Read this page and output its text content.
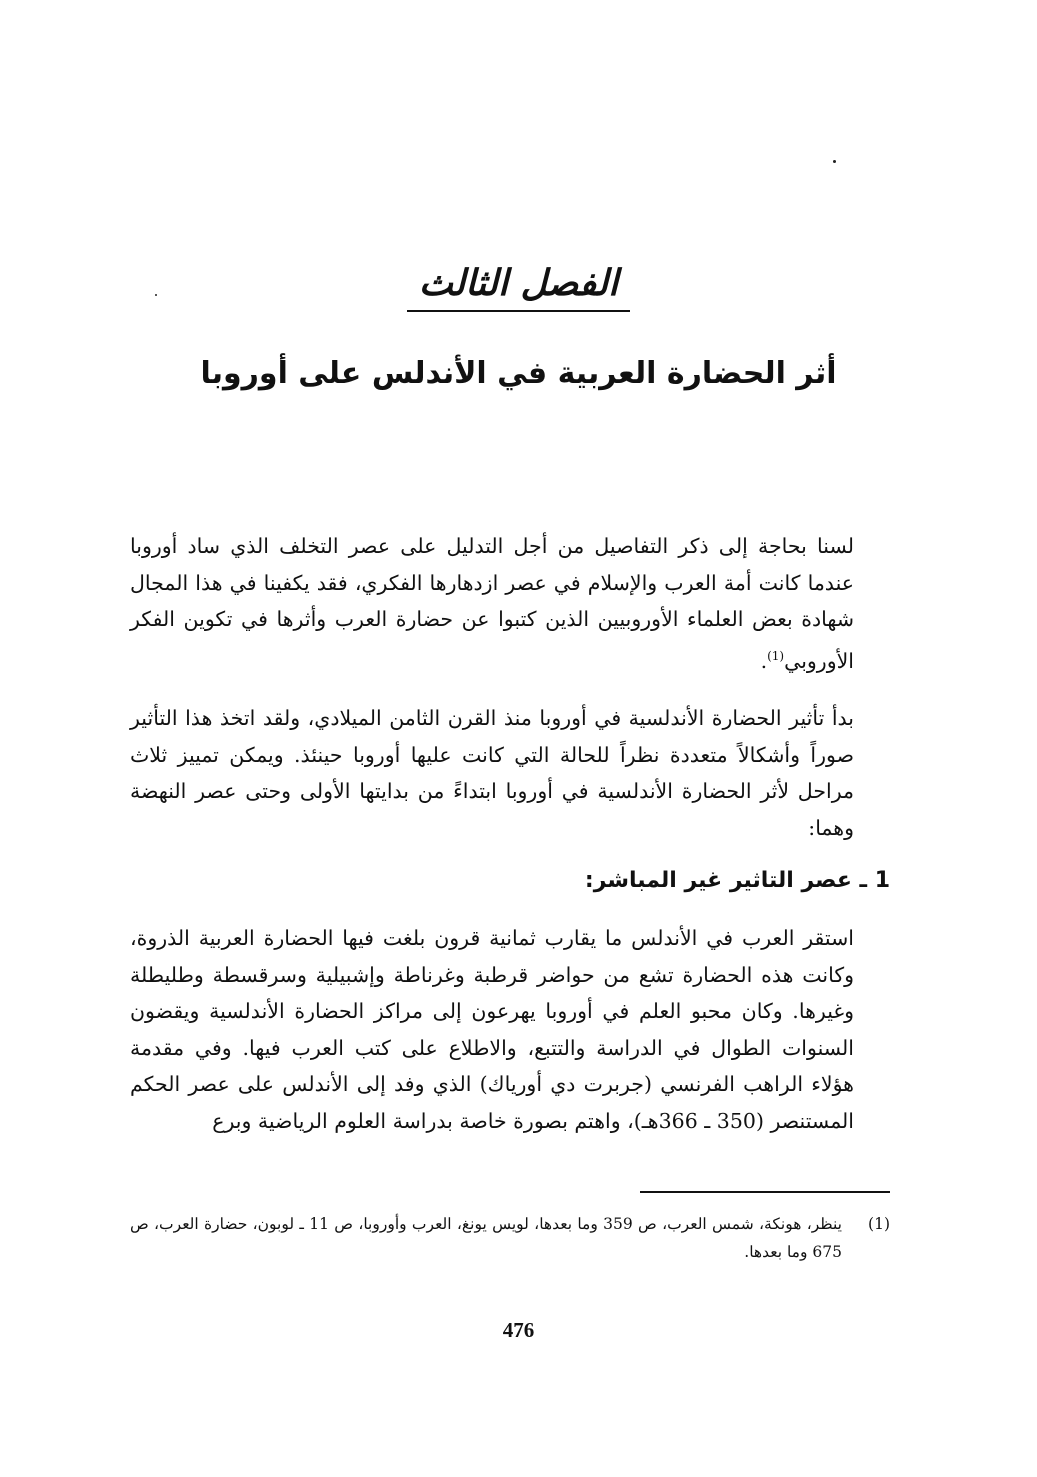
الفصل الثالث
أثر الحضارة العربية في الأندلس على أوروبا
لسنا بحاجة إلى ذكر التفاصيل من أجل التدليل على عصر التخلف الذي ساد أوروبا عندما كانت أمة العرب والإسلام في عصر ازدهارها الفكري، فقد يكفينا في هذا المجال شهادة بعض العلماء الأوروبيين الذين كتبوا عن حضارة العرب وأثرها في تكوين الفكر الأوروبي$^{(1)}$.
بدأ تأثير الحضارة الأندلسية في أوروبا منذ القرن الثامن الميلادي، ولقد اتخذ هذا التأثير صوراً وأشكالاً متعددة نظراً للحالة التي كانت عليها أوروبا حينئذ. ويمكن تمييز ثلاث مراحل لأثر الحضارة الأندلسية في أوروبا ابتداءً من بدايتها الأولى وحتى عصر النهضة وهما:
1 ـ عصر التاثير غير المباشر:
استقر العرب في الأندلس ما يقارب ثمانية قرون بلغت فيها الحضارة العربية الذروة، وكانت هذه الحضارة تشع من حواضر قرطبة وغرناطة وإشبيلية وسرقسطة وطليطلة وغيرها. وكان محبو العلم في أوروبا يهرعون إلى مراكز الحضارة الأندلسية ويقضون السنوات الطوال في الدراسة والتتبع، والاطلاع على كتب العرب فيها. وفي مقدمة هؤلاء الراهب الفرنسي (جربرت دي أورياك) الذي وفد إلى الأندلس على عصر الحكم المستنصر (350 ـ 366هـ)، واهتم بصورة خاصة بدراسة العلوم الرياضية وبرع
(1)
ينظر، هونكة، شمس العرب، ص 359 وما بعدها، لويس يونغ، العرب وأوروبا، ص 11 ـ لوبون، حضارة العرب، ص 675 وما بعدها.
476
